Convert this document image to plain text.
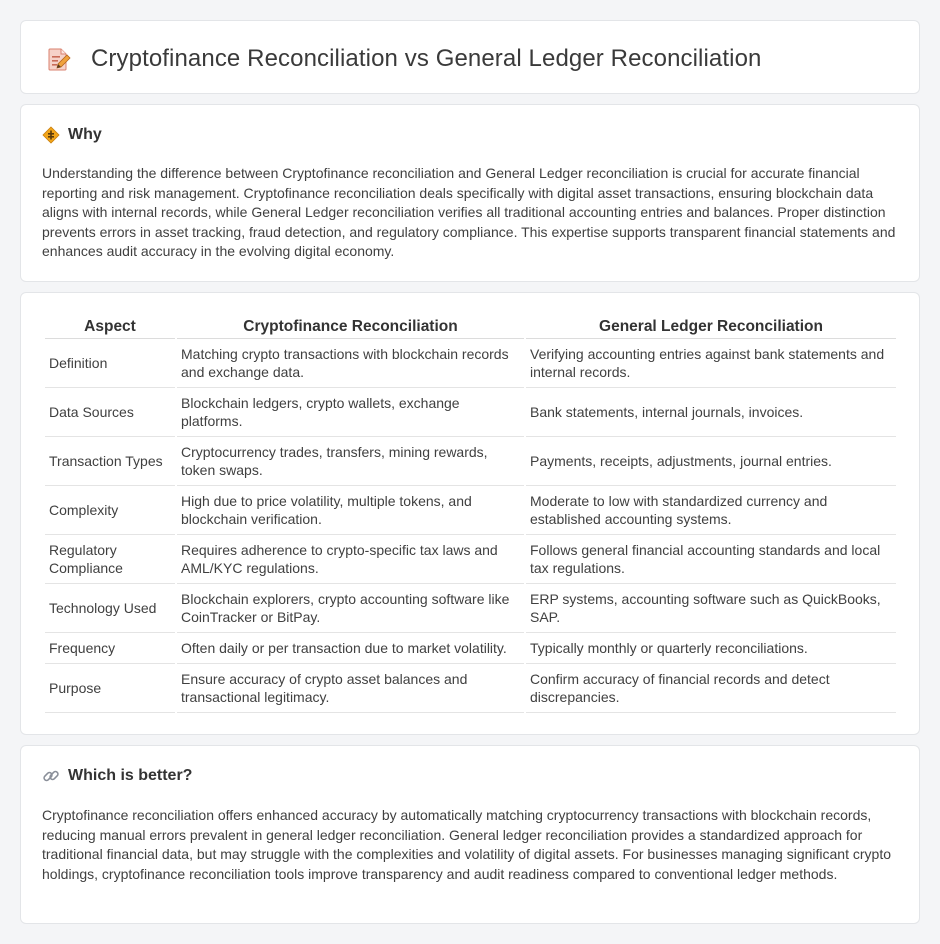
Cryptofinance Reconciliation vs General Ledger Reconciliation
Why

Understanding the difference between Cryptofinance reconciliation and General Ledger reconciliation is crucial for accurate financial reporting and risk management. Cryptofinance reconciliation deals specifically with digital asset transactions, ensuring blockchain data aligns with internal records, while General Ledger reconciliation verifies all traditional accounting entries and balances. Proper distinction prevents errors in asset tracking, fraud detection, and regulatory compliance. This expertise supports transparent financial statements and enhances audit accuracy in the evolving digital economy.

Aspect	Cryptofinance Reconciliation	General Ledger Reconciliation
Definition	Matching crypto transactions with blockchain records and exchange data.	Verifying accounting entries against bank statements and internal records.
Data Sources	Blockchain ledgers, crypto wallets, exchange platforms.	Bank statements, internal journals, invoices.
Transaction Types	Cryptocurrency trades, transfers, mining rewards, token swaps.	Payments, receipts, adjustments, journal entries.
Complexity	High due to price volatility, multiple tokens, and blockchain verification.	Moderate to low with standardized currency and established accounting systems.
Regulatory Compliance	Requires adherence to crypto-specific tax laws and AML/KYC regulations.	Follows general financial accounting standards and local tax regulations.
Technology Used	Blockchain explorers, crypto accounting software like CoinTracker or BitPay.	ERP systems, accounting software such as QuickBooks, SAP.
Frequency	Often daily or per transaction due to market volatility.	Typically monthly or quarterly reconciliations.
Purpose	Ensure accuracy of crypto asset balances and transactional legitimacy.	Confirm accuracy of financial records and detect discrepancies.
Which is better?

Cryptofinance reconciliation offers enhanced accuracy by automatically matching cryptocurrency transactions with blockchain records, reducing manual errors prevalent in general ledger reconciliation. General ledger reconciliation provides a standardized approach for traditional financial data, but may struggle with the complexities and volatility of digital assets. For businesses managing significant crypto holdings, cryptofinance reconciliation tools improve transparency and audit readiness compared to conventional ledger methods.
